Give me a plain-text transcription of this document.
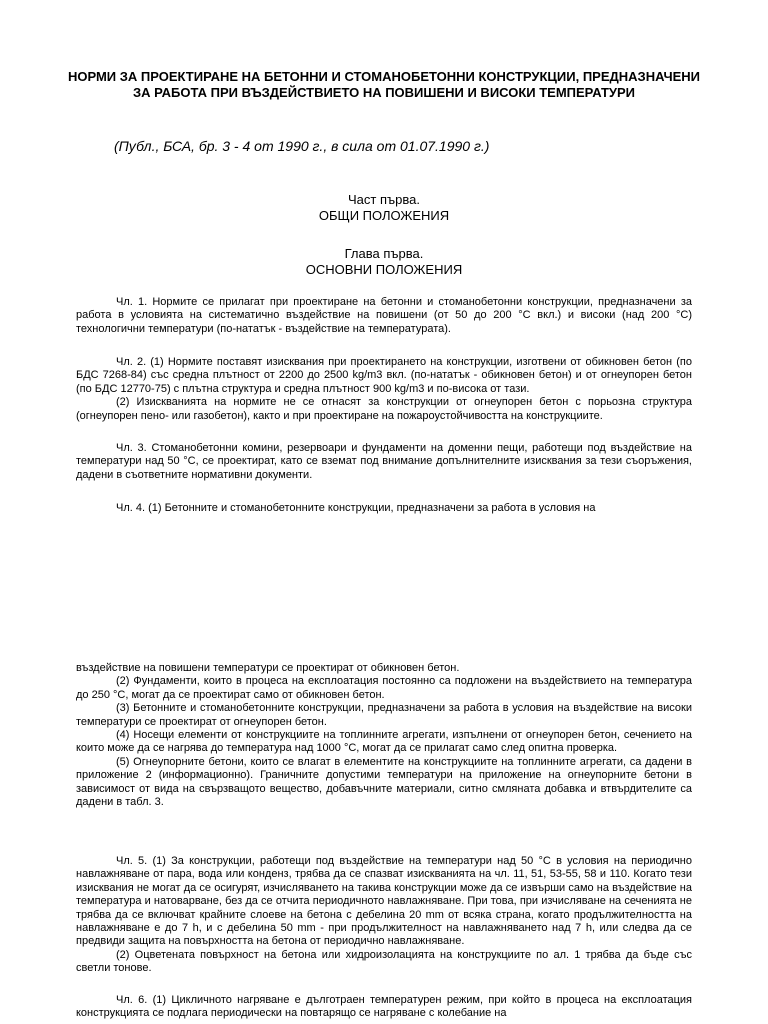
НОРМИ ЗА ПРОЕКТИРАНЕ НА БЕТОННИ И СТОМАНОБЕТОННИ КОНСТРУКЦИИ, ПРЕДНАЗНАЧЕНИ ЗА РАБОТА ПРИ ВЪЗДЕЙСТВИЕТО НА ПОВИШЕНИ И ВИСОКИ ТЕМПЕРАТУРИ
(Публ., БСА, бр. 3 - 4 от 1990 г., в сила от 01.07.1990 г.)
Част първа.
ОБЩИ ПОЛОЖЕНИЯ
Глава първа.
ОСНОВНИ ПОЛОЖЕНИЯ

Чл. 1. Нормите се прилагат при проектиране на бетонни и стоманобетонни конструкции, предназначени за работа в условията на систематично въздействие на повишени (от 50 до 200 °C вкл.) и високи (над 200 °C) технологични температури (по-нататък - въздействие на температурата).

Чл. 2. (1) Нормите поставят изисквания при проектирането на конструкции, изготвени от обикновен бетон (по БДС 7268-84) със средна плътност от 2200 до 2500 kg/m3 вкл. (по-нататък - обикновен бетон) и от огнеупорен бетон (по БДС 12770-75) с плътна структура и средна плътност 900 kg/m3 и по-висока от тази.

(2) Изискванията на нормите не се отнасят за конструкции от огнеупорен бетон с порьозна структура (огнеупорен пено- или газобетон), както и при проектиране на пожароустойчивостта на конструкциите.

Чл. 3. Стоманобетонни комини, резервоари и фундаменти на доменни пещи, работещи под въздействие на температури над 50 °C, се проектират, като се вземат под внимание допълнителните изисквания за тези съоръжения, дадени в съответните нормативни документи.

Чл. 4. (1) Бетонните и стоманобетонните конструкции, предназначени за работа в условия на

въздействие на повишени температури се проектират от обикновен бетон.

(2) Фундаменти, които в процеса на експлоатация постоянно са подложени на въздействието на температура до 250 °C, могат да се проектират само от обикновен бетон.

(3) Бетонните и стоманобетонните конструкции, предназначени за работа в условия на въздействие на високи температури се проектират от огнеупорен бетон.

(4) Носещи елементи от конструкциите на топлинните агрегати, изпълнени от огнеупорен бетон, сечението на които може да се нагрява до температура над 1000 °C, могат да се прилагат само след опитна проверка.

(5) Огнеупорните бетони, които се влагат в елементите на конструкциите на топлинните агрегати, са дадени в приложение 2 (информационно). Граничните допустими температури на приложение на огнеупорните бетони в зависимост от вида на свързващото вещество, добавъчните материали, ситно смляната добавка и втвърдителите са дадени в табл. 3.

Чл. 5. (1) За конструкции, работещи под въздействие на температури над 50 °C в условия на периодично навлажняване от пара, вода или конденз, трябва да се спазват изискванията на чл. 11, 51, 53-55, 58 и 110. Когато тези изисквания не могат да се осигурят, изчисляването на такива конструкции може да се извърши само на въздействие на температура и натоварване, без да се отчита периодичното навлажняване. При това, при изчисляване на сеченията не трябва да се включват крайните слоеве на бетона с дебелина 20 mm от всяка страна, когато продължителността на навлажняване е до 7 h, и с дебелина 50 mm - при продължителност на навлажняването над 7 h, или следва да се предвиди защита на повърхността на бетона от периодично навлажняване.

(2) Оцветената повърхност на бетона или хидроизолацията на конструкциите по ал. 1 трябва да бъде със светли тонове.

Чл. 6. (1) Цикличното нагряване е дълготраен температурен режим, при който в процеса на експлоатация конструкцията се подлага периодически на повтарящо се нагряване с колебание на
